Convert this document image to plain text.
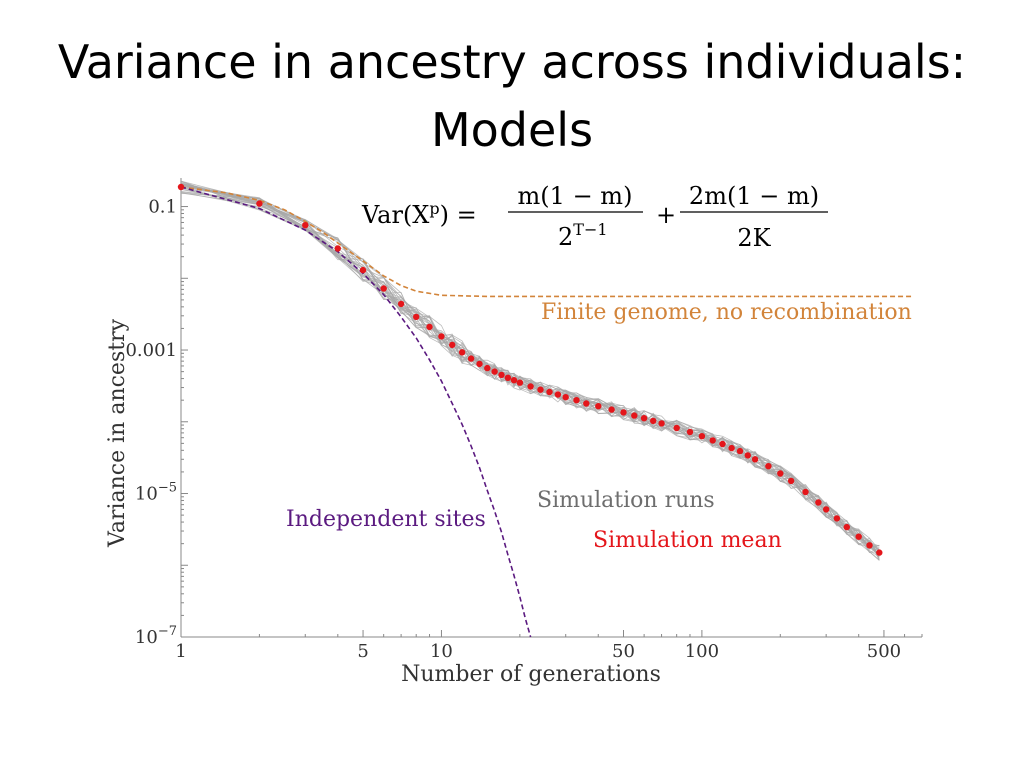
Variance in ancestry across individuals:
Models
0.1
0.001
$10^{-5}$
$10^{-7}$
1	5	10	50	100	500
$Var(X^p)$ =
m(1 − m)
$2^{T-1}$
+
2m(1 − m)
2K
Finite genome, no recombination
Independent sites
Simulation runs
Simulation mean
Number of generations
Variance in ancestry
